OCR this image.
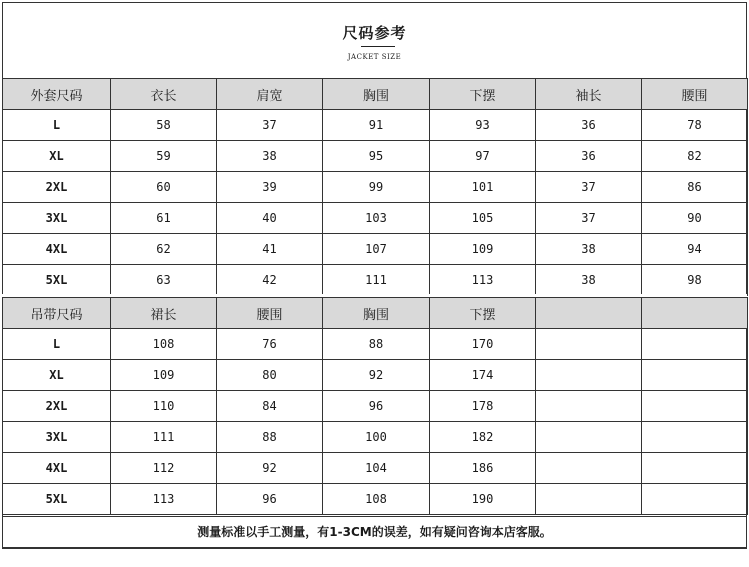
尺码参考
JACKET SIZE
外套尺码	衣长	肩宽	胸围	下摆	袖长	腰围
L	58	37	91	93	36	78
XL	59	38	95	97	36	82
2XL	60	39	99	101	37	86
3XL	61	40	103	105	37	90
4XL	62	41	107	109	38	94
5XL	63	42	111	113	38	98
吊带尺码	裙长	腰围	胸围	下摆		
L	108	76	88	170		
XL	109	80	92	174		
2XL	110	84	96	178		
3XL	111	88	100	182		
4XL	112	92	104	186		
5XL	113	96	108	190		
测量标准以手工测量，有1-3CM的误差，如有疑问咨询本店客服。
